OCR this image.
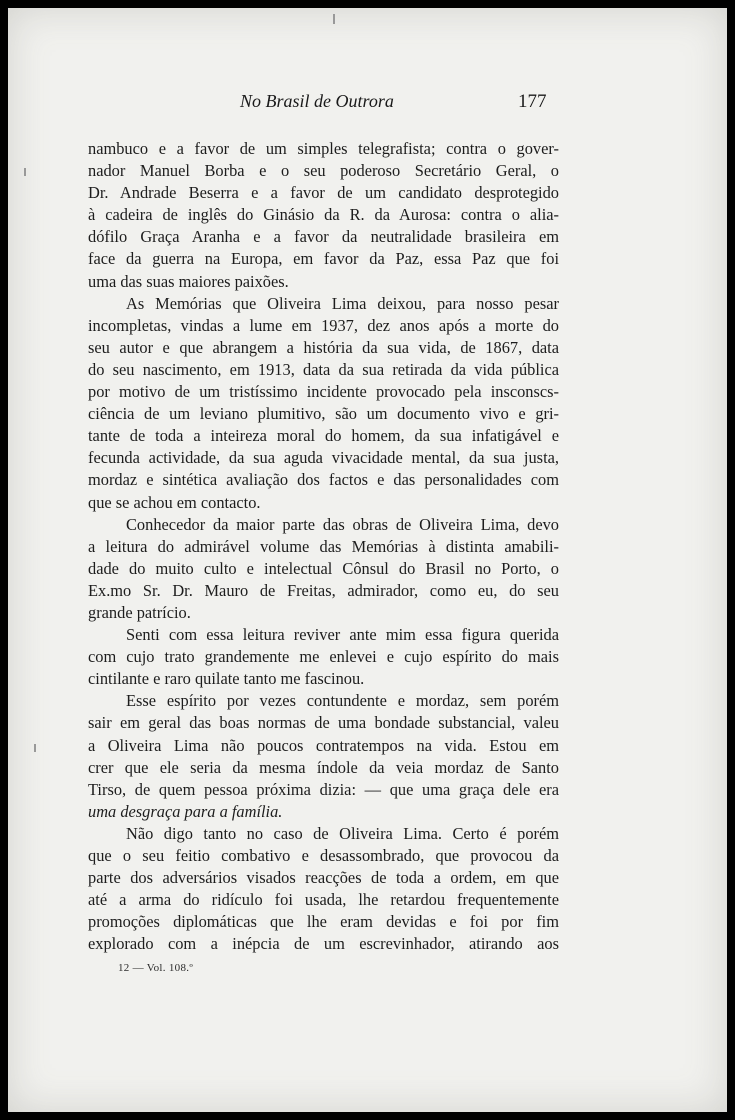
No Brasil de Outrora	177
nambuco e a favor de um simples telegrafista; contra o gover-
nador Manuel Borba e o seu poderoso Secretário Geral, o
Dr. Andrade Beserra e a favor de um candidato desprotegido
à cadeira de inglês do Ginásio da R. da Aurosa: contra o alia-
dófilo Graça Aranha e a favor da neutralidade brasileira em
face da guerra na Europa, em favor da Paz, essa Paz que foi
uma das suas maiores paixões.
As Memórias que Oliveira Lima deixou, para nosso pesar
incompletas, vindas a lume em 1937, dez anos após a morte do
seu autor e que abrangem a história da sua vida, de 1867, data
do seu nascimento, em 1913, data da sua retirada da vida pública
por motivo de um tristíssimo incidente provocado pela insconscs-
ciência de um leviano plumitivo, são um documento vivo e gri-
tante de toda a inteireza moral do homem, da sua infatigável e
fecunda actividade, da sua aguda vivacidade mental, da sua justa,
mordaz e sintética avaliação dos factos e das personalidades com
que se achou em contacto.
Conhecedor da maior parte das obras de Oliveira Lima, devo
a leitura do admirável volume das Memórias à distinta amabili-
dade do muito culto e intelectual Cônsul do Brasil no Porto, o
Ex.mo Sr. Dr. Mauro de Freitas, admirador, como eu, do seu
grande patrício.
Senti com essa leitura reviver ante mim essa figura querida
com cujo trato grandemente me enlevei e cujo espírito do mais
cintilante e raro quilate tanto me fascinou.
Esse espírito por vezes contundente e mordaz, sem porém
sair em geral das boas normas de uma bondade substancial, valeu
a Oliveira Lima não poucos contratempos na vida. Estou em
crer que ele seria da mesma índole da veia mordaz de Santo
Tirso, de quem pessoa próxima dizia: — que uma graça dele era
uma desgraça para a família.
Não digo tanto no caso de Oliveira Lima. Certo é porém
que o seu feitio combativo e desassombrado, que provocou da
parte dos adversários visados reacções de toda a ordem, em que
até a arma do ridículo foi usada, lhe retardou frequentemente
promoções diplomáticas que lhe eram devidas e foi por fim
explorado com a inépcia de um escrevinhador, atirando aos
12 — Vol. 108.º
